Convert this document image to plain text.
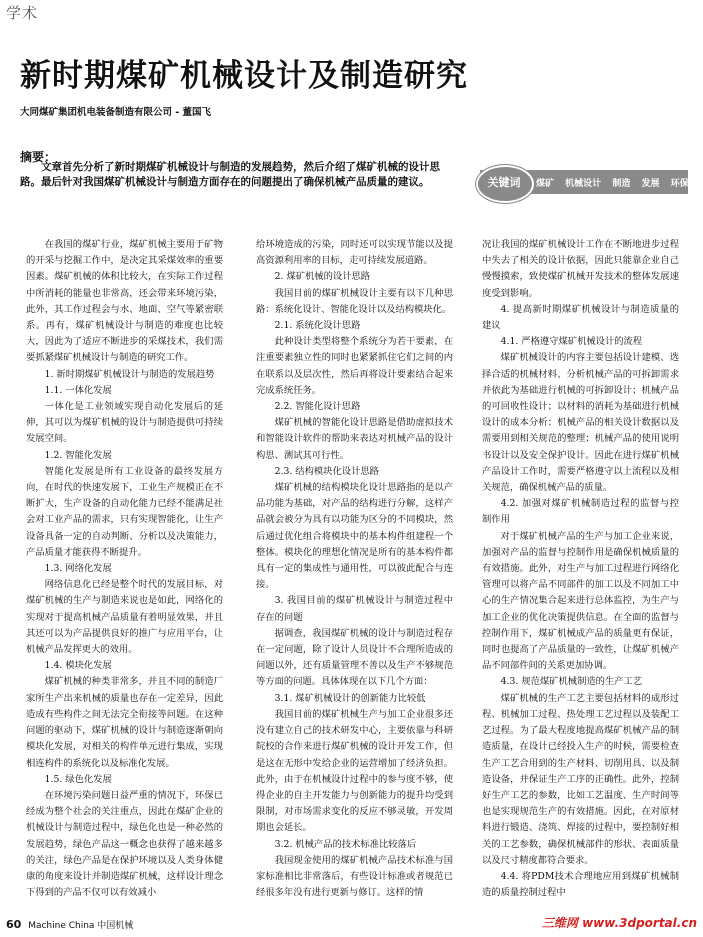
学术
新时期煤矿机械设计及制造研究
大同煤矿集团机电装备制造有限公司 - 董国飞
摘要：
文章首先分析了新时期煤矿机械设计与制造的发展趋势，然后介绍了煤矿机械的设计思路。最后针对我国煤矿机械设计与制造方面存在的问题提出了确保机械产品质量的建议。	关键词	煤矿 机械设计 制造 发展 环保

在我国的煤矿行业，煤矿机械主要用于矿物的开采与挖掘工作中，是决定其采煤效率的重要因素。煤矿机械的体积比较大，在实际工作过程中所消耗的能量也非常高，还会带来环境污染，此外，其工作过程会与水、地面、空气等紧密联系。再有，煤矿机械设计与制造的难度也比较大，因此为了适应不断进步的采煤技术，我们需要抓紧煤矿机械设计与制造的研究工作。

1. 新时期煤矿机械设计与制造的发展趋势

1.1. 一体化发展

一体化是工业领域实现自动化发展后的延伸，其可以为煤矿机械的设计与制造提供可持续发展空间。

1.2. 智能化发展

智能化发展是所有工业设备的最终发展方向，在时代的快速发展下，工业生产规模正在不断扩大，生产设备的自动化能力已经不能满足社会对工业产品的需求，只有实现智能化，让生产设备具备一定的自动判断、分析以及决策能力，产品质量才能获得不断提升。

1.3. 网络化发展

网络信息化已经是整个时代的发展目标，对煤矿机械的生产与制造来说也是如此，网络化的实现对于提高机械产品质量有着明显效果，并且其还可以为产品提供良好的推广与应用平台，让机械产品发挥更大的效用。

1.4. 模块化发展

煤矿机械的种类非常多，并且不同的制造厂家所生产出来机械的质量也存在一定差异，因此造成有些构件之间无法完全衔接等问题。在这种问题的驱动下，煤矿机械的设计与制造逐渐朝向模块化发展，对相关的构件单元进行集成，实现相连构件的系统化以及标准化发展。

1.5. 绿色化发展

在环境污染问题日益严重的情况下，环保已经成为整个社会的关注重点，因此在煤矿企业的机械设计与制造过程中，绿色化也是一种必然的发展趋势，绿色产品这一概念也获得了越来越多的关注，绿色产品是在保护环境以及人类身体健康的角度来设计并制造煤矿机械，这样设计理念下得到的产品不仅可以有效减小

给环境造成的污染，同时还可以实现节能以及提高资源利用率的目标，走可持续发展道路。

2. 煤矿机械的设计思路

我国目前的煤矿机械设计主要有以下几种思路：系统化设计、智能化设计以及结构模块化。

2.1. 系统化设计思路

此种设计类型将整个系统分为若干要素，在注重要素独立性的同时也紧紧抓住它们之间的内在联系以及层次性，然后再将设计要素结合起来完成系统任务。

2.2. 智能化设计思路

煤矿机械的智能化设计思路是借助虚拟技术和智能设计软件的帮助来表达对机械产品的设计构思、测试其可行性。

2.3. 结构模块化设计思路

煤矿机械的结构模块化设计思路指的是以产品功能为基础，对产品的结构进行分解，这样产品就会被分为具有以功能为区分的不同模块，然后通过优化组合将模块中的基本构件组建程一个整体。模块化的理想化情况是所有的基本构件都具有一定的集成性与通用性，可以彼此配合与连接。

3. 我国目前的煤矿机械设计与制造过程中存在的问题

据调查，我国煤矿机械的设计与制造过程存在一定问题，除了设计人员设计不合理所造成的问题以外，还有质量管理不善以及生产不够规范等方面的问题。具体体现在以下几个方面：

3.1. 煤矿机械设计的创新能力比较低

我国目前的煤矿机械生产与加工企业很多还没有建立自己的技术研发中心，主要依靠与科研院校的合作来进行煤矿机械的设计开发工作，但是这在无形中发给企业的运营增加了经济负担。此外，由于在机械设计过程中的参与度不够，使得企业的自主开发能力与创新能力的提升均受到限制，对市场需求变化的反应不够灵敏，开发周期也会延长。

3.2. 机械产品的技术标准比较落后

我国现金使用的煤矿机械产品技术标准与国家标准相比非常落后，有些设计标准或者规范已经很多年没有进行更新与修订。这样的情

况让我国的煤矿机械设计工作在不断地进步过程中失去了相关的设计依据，因此只能靠企业自己慢慢摸索，致使煤矿机械开发技术的整体发展速度受到影响。

4. 提高新时期煤矿机械设计与制造质量的建议

4.1. 严格遵守煤矿机械设计的流程

煤矿机械设计的内容主要包括设计建模、选择合适的机械材料、分析机械产品的可拆卸需求并依此为基础进行机械的可拆卸设计；机械产品的可回收性设计；以材料的消耗为基础进行机械设计的成本分析；机械产品的相关设计数据以及需要用到相关规范的整理；机械产品的使用说明书设计以及安全保护设计。因此在进行煤矿机械产品设计工作时，需要严格遵守以上流程以及相关规范，确保机械产品的质量。

4.2. 加强对煤矿机械制造过程的监督与控制作用

对于煤矿机械产品的生产与加工企业来说，加强对产品的监督与控制作用是确保机械质量的有效措施。此外，对生产与加工过程进行网络化管理可以将产品不同部件的加工以及不同加工中心的生产情况集合起来进行总体监控，为生产与加工企业的优化决策提供信息。在全面的监督与控制作用下，煤矿机械成产品的质量更有保证，同时也提高了产品质量的一致性，让煤矿机械产品不同部件间的关系更加协调。

4.3. 规范煤矿机械制造的生产工艺

煤矿机械的生产工艺主要包括材料的成形过程、机械加工过程、热处理工艺过程以及装配工艺过程。为了最大程度地提高煤矿机械产品的制造质量，在设计已经投入生产的时候，需要检查生产工艺合用到的生产材料、切削用具、以及制造设备，并保证生产工序的正确性。此外，控制好生产工艺的参数，比如工艺温度、生产时间等也是实现规范生产的有效措施。因此，在对原材料进行锻造、浇筑、焊接的过程中，要控制好相关的工艺参数，确保机械部件的形状、表面质量以及尺寸精度都符合要求。

4.4. 将PDM技术合理地应用到煤矿机械制造的质量控制过程中

60 Machine China 中国机械	三维网 www.3dportal.cn
